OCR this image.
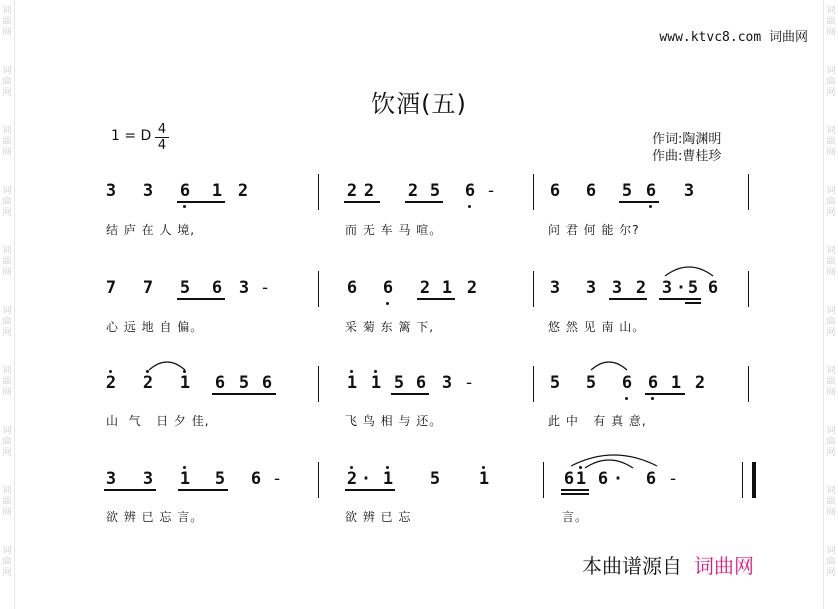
词
曲
网
词
曲
网
词
曲
网
词
曲
网
词
曲
网
词
曲
网
词
曲
网
词
曲
网
词
曲
网
词
曲
网
词
曲
网
词
曲
网
词
曲
网
词
曲
网
词
曲
网
词
曲
网
词
曲
网
词
曲
网
词
曲
网
词
曲
网
www.ktvc8.com 词曲网
饮酒(五)
1 = D $\frac{4}{4}$	作词:陶渊明
作曲:曹桂珍
3 3 6 1 2	2 2 2 5 6 -	6 6 5 6 3
结 庐 在 人 境,	而 无 车 马 喧。	问 君 何 能 尔?
7 7 5 6 3 -	6 6 2 1 2	3 3 3 2 3 · 5 6
心 远 地 自 偏。	采 菊 东 篱 下,	悠 然 见 南 山。
2 2 1 6 5 6	1 1 5 6 3 -	5 5 6 6 1 2
山  气   日 夕 佳,	飞 鸟 相 与 还。	此 中   有 真 意,
3 3 1 5 6 -	2 · 1 5 1	6 1 6 · 6 -
欲 辨 已 忘 言。	欲 辨 已 忘	言。
本曲谱源自 词曲网
